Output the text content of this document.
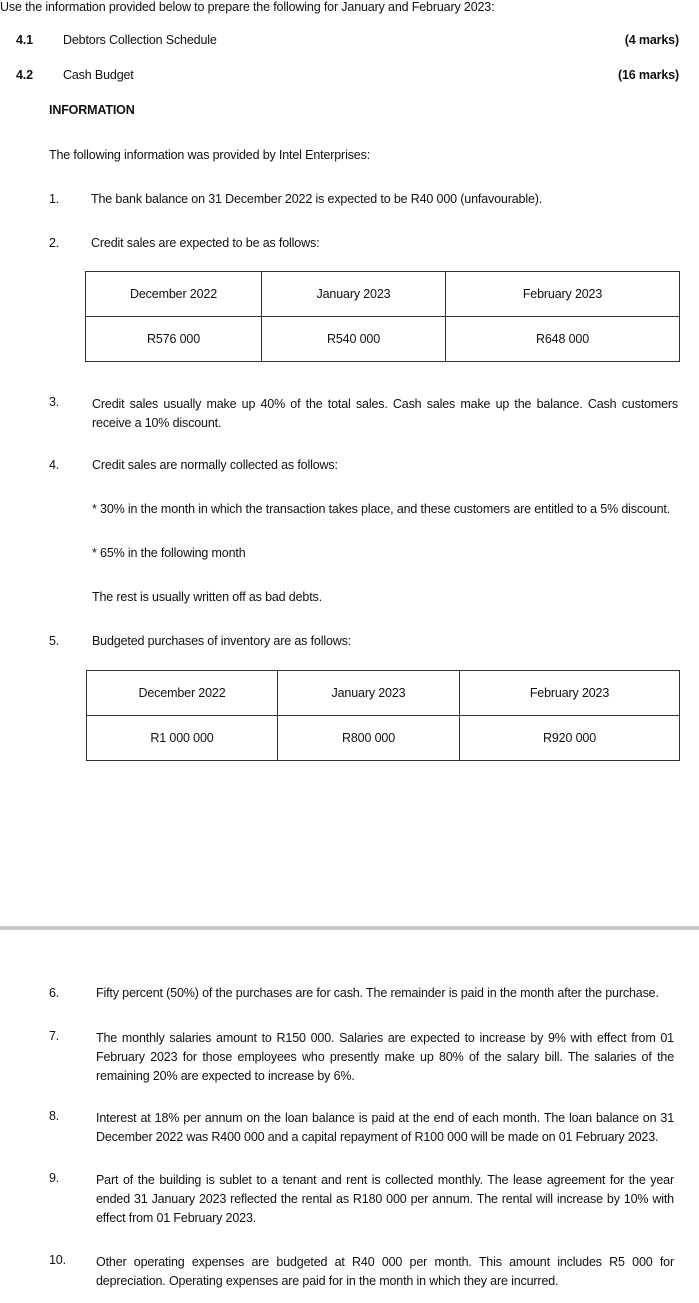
Use the information provided below to prepare the following for January and February 2023:
4.1 Debtors Collection Schedule	(4 marks)
4.2 Cash Budget	(16 marks)
INFORMATION
The following information was provided by Intel Enterprises:
1.	The bank balance on 31 December 2022 is expected to be R40 000 (unfavourable).
2.	Credit sales are expected to be as follows:
December 2022	January 2023	February 2023
R576 000	R540 000	R648 000
3.	Credit sales usually make up 40% of the total sales. Cash sales make up the balance. Cash customers receive a 10% discount.
4.	Credit sales are normally collected as follows:
* 30% in the month in which the transaction takes place, and these customers are entitled to a 5% discount.
* 65% in the following month
The rest is usually written off as bad debts.
5.	Budgeted purchases of inventory are as follows:
December 2022	January 2023	February 2023
R1 000 000	R800 000	R920 000
6.	Fifty percent (50%) of the purchases are for cash. The remainder is paid in the month after the purchase.
7.	The monthly salaries amount to R150 000. Salaries are expected to increase by 9% with effect from 01 February 2023 for those employees who presently make up 80% of the salary bill. The salaries of the remaining 20% are expected to increase by 6%.
8.	Interest at 18% per annum on the loan balance is paid at the end of each month. The loan balance on 31 December 2022 was R400 000 and a capital repayment of R100 000 will be made on 01 February 2023.
9.	Part of the building is sublet to a tenant and rent is collected monthly. The lease agreement for the year ended 31 January 2023 reflected the rental as R180 000 per annum. The rental will increase by 10% with effect from 01 February 2023.
10. Other operating expenses are budgeted at R40 000 per month. This amount includes R5 000 for depreciation. Operating expenses are paid for in the month in which they are incurred.
